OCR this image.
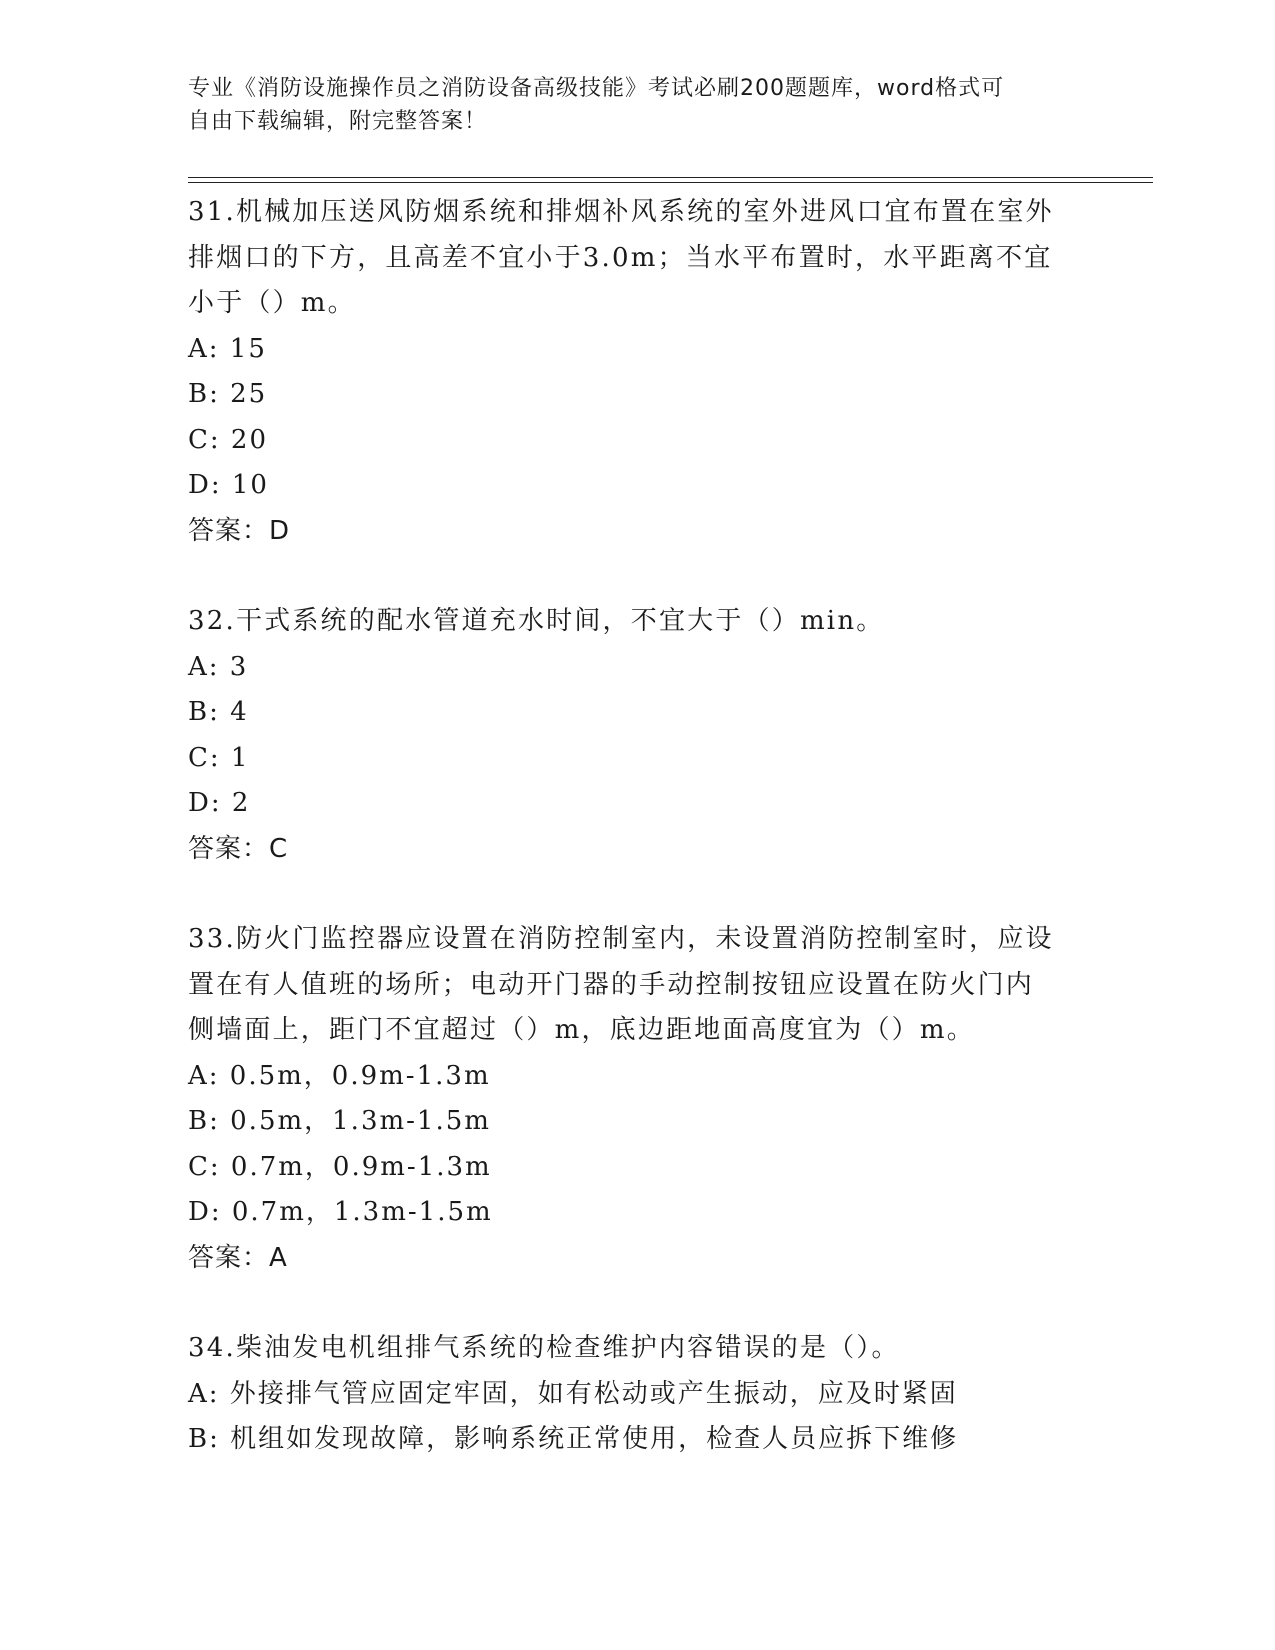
专业《消防设施操作员之消防设备高级技能》考试必刷200题题库，word格式可
自由下载编辑，附完整答案！

31.机械加压送风防烟系统和排烟补风系统的室外进风口宜布置在室外

排烟口的下方，且高差不宜小于3.0m；当水平布置时，水平距离不宜

小于（）m。

A: 15

B: 25

C: 20

D: 10

答案：D

32.干式系统的配水管道充水时间，不宜大于（）min。

A: 3

B: 4

C: 1

D: 2

答案：C

33.防火门监控器应设置在消防控制室内，未设置消防控制室时，应设

置在有人值班的场所；电动开门器的手动控制按钮应设置在防火门内

侧墙面上，距门不宜超过（）m，底边距地面高度宜为（）m。

A: 0.5m，0.9m-1.3m

B: 0.5m，1.3m-1.5m

C: 0.7m，0.9m-1.3m

D: 0.7m，1.3m-1.5m

答案：A

34.柴油发电机组排气系统的检查维护内容错误的是（）。

A: 外接排气管应固定牢固，如有松动或产生振动，应及时紧固

B: 机组如发现故障，影响系统正常使用，检查人员应拆下维修
